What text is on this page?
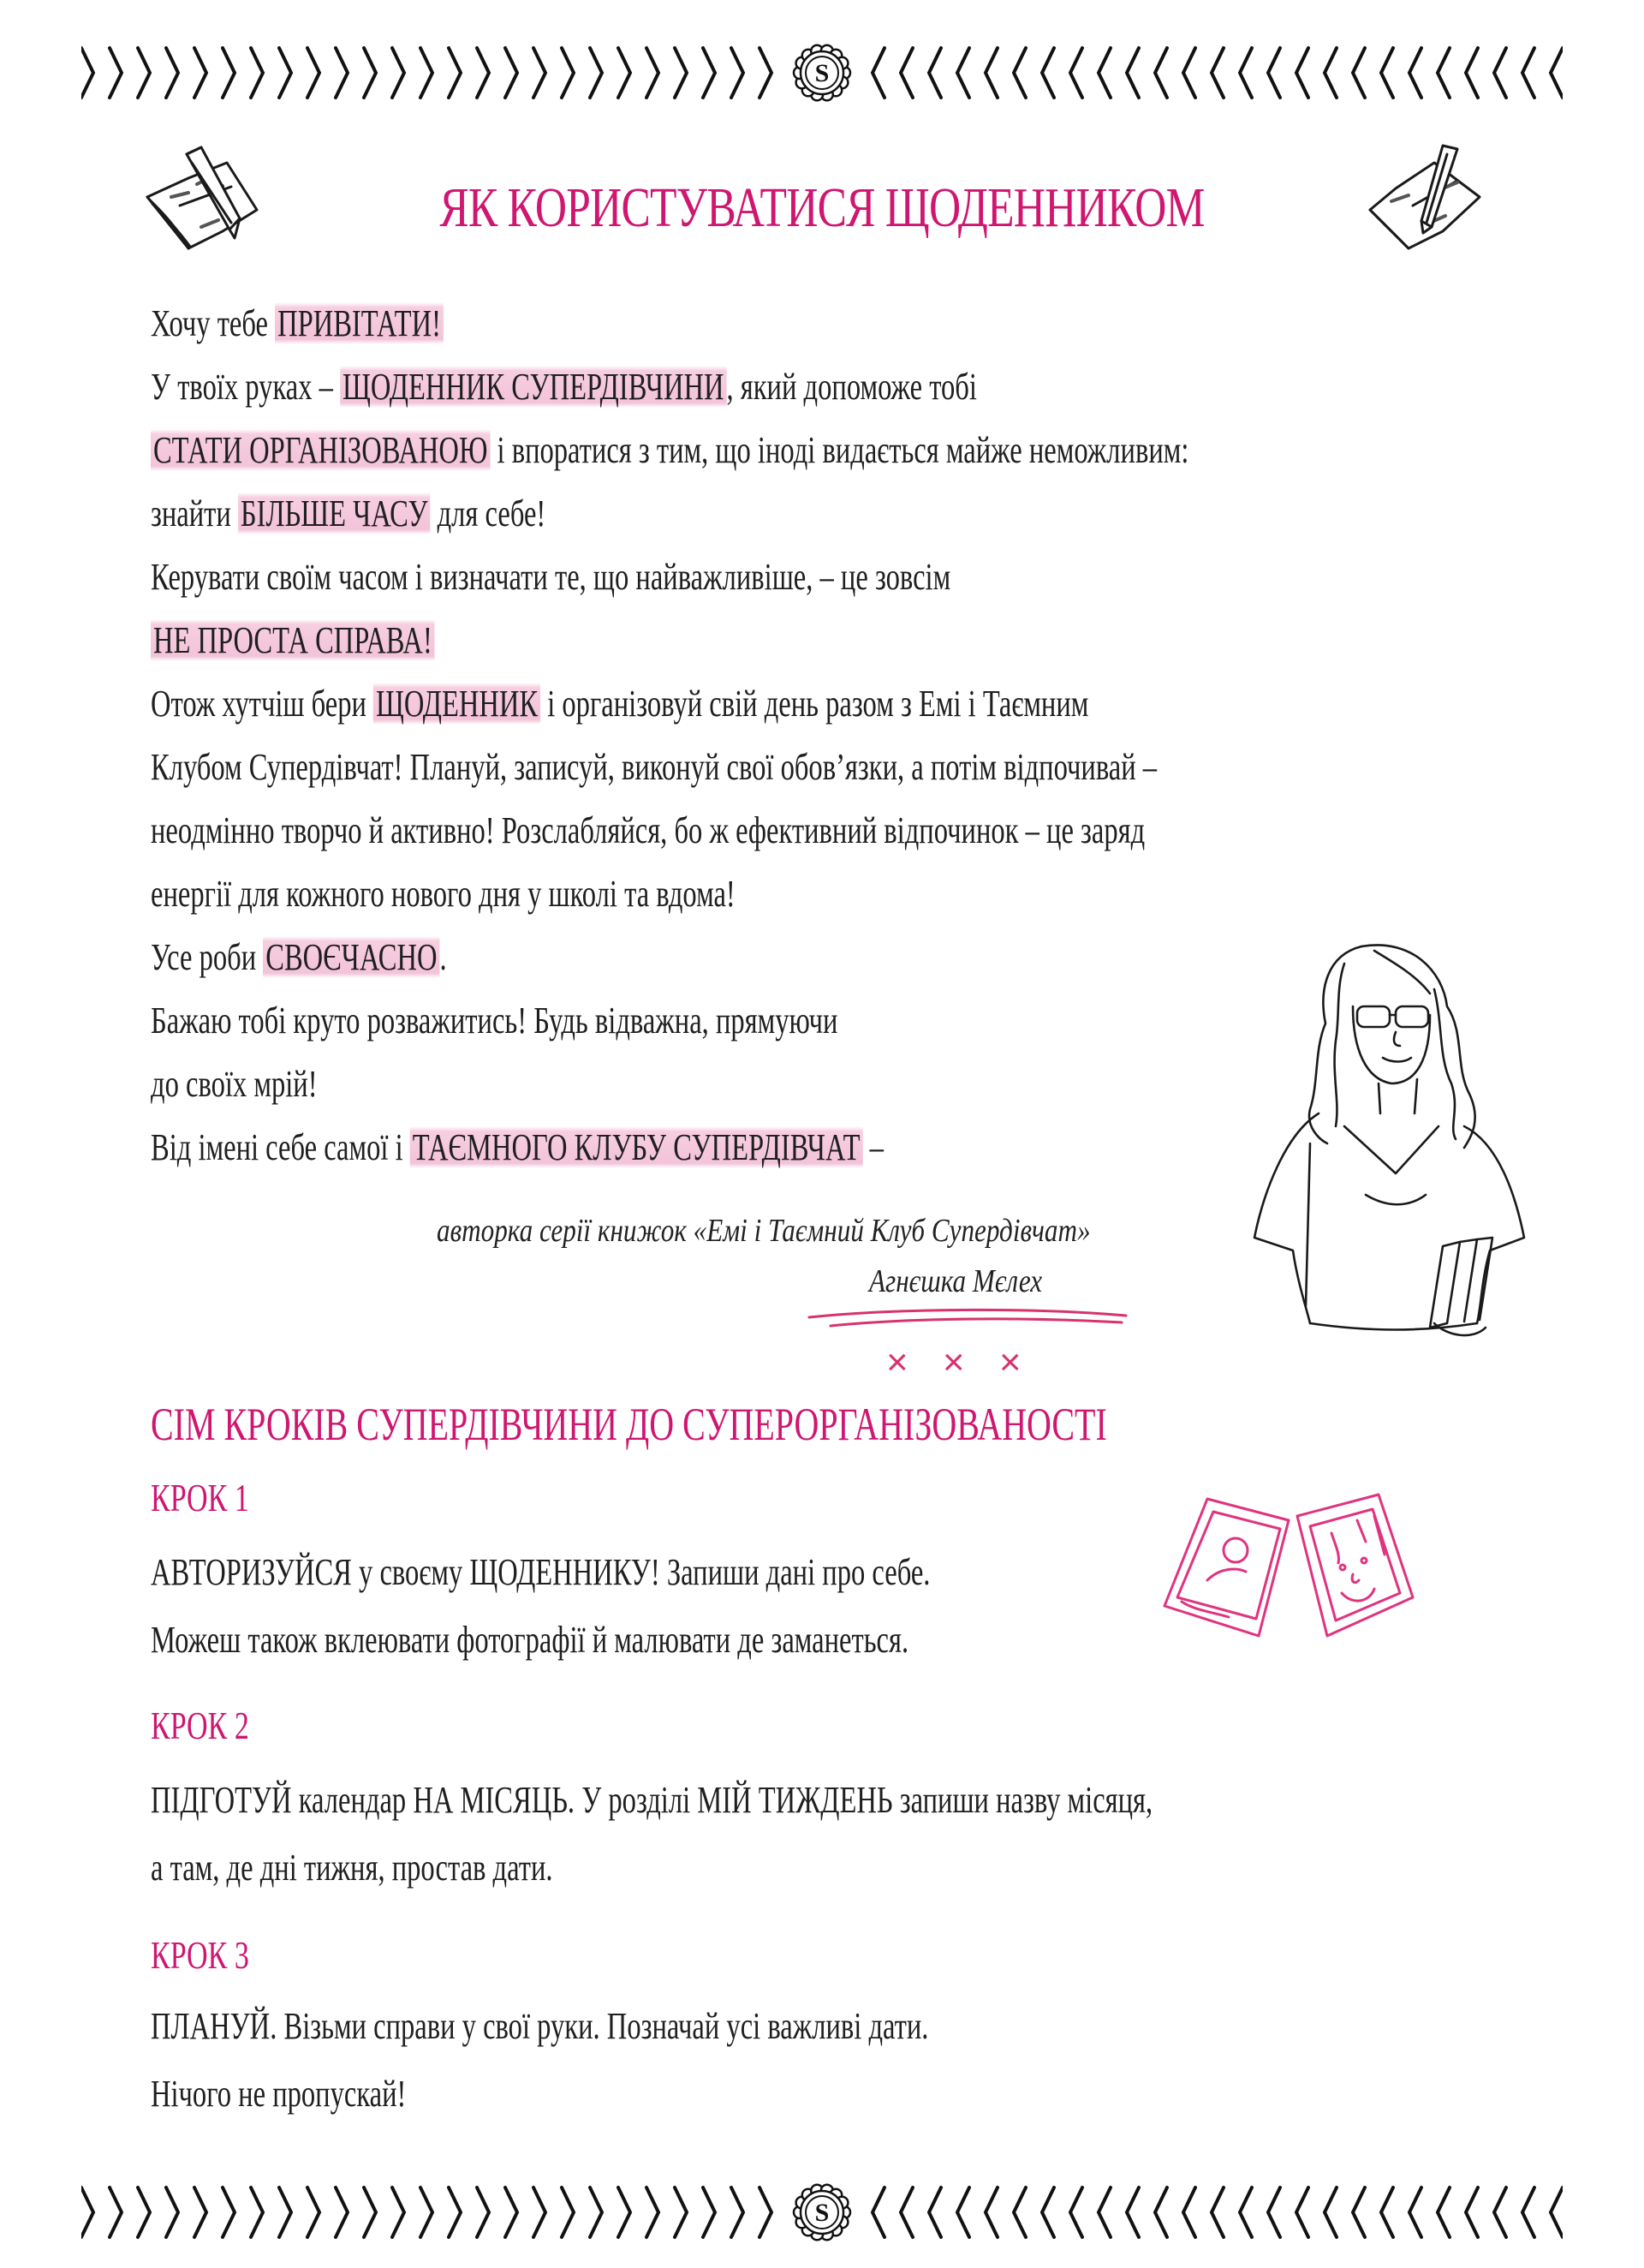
S
ЯК КОРИСТУВАТИСЯ ЩОДЕННИКОМ
Хочу тебе ПРИВІТАТИ!
У твоїх руках – ЩОДЕННИК СУПЕРДІВЧИНИ, який допоможе тобі
СТАТИ ОРГАНІЗОВАНОЮ і впоратися з тим, що іноді видається майже неможливим:
знайти БІЛЬШЕ ЧАСУ для себе!
Керувати своїм часом і визначати те, що найважливіше, – це зовсім
НЕ ПРОСТА СПРАВА!
Отож хутчіш бери ЩОДЕННИК і організовуй свій день разом з Емі і Таємним
Клубом Супердівчат! Плануй, записуй, виконуй свої обов’язки, а потім відпочивай –
неодмінно творчо й активно! Розслабляйся, бо ж ефективний відпочинок – це заряд
енергії для кожного нового дня у школі та вдома!
Усе роби СВОЄЧАСНО.
Бажаю тобі круто розважитись! Будь відважна, прямуючи
до своїх мрій!
Від імені себе самої і ТАЄМНОГО КЛУБУ СУПЕРДІВЧАТ –
авторка серії книжок «Емі і Таємний Клуб Супердівчат»
Агнєшка Мєлех
× × ×
СІМ КРОКІВ СУПЕРДІВЧИНИ ДО СУПЕРОРГАНІЗОВАНОСТІ
КРОК 1
АВТОРИЗУЙСЯ у своєму ЩОДЕННИКУ! Запиши дані про себе.
Можеш також вклеювати фотографії й малювати де заманеться.
КРОК 2
ПІДГОТУЙ календар НА МІСЯЦЬ. У розділі МІЙ ТИЖДЕНЬ запиши назву місяця,
а там, де дні тижня, простав дати.
КРОК 3
ПЛАНУЙ. Візьми справи у свої руки. Позначай усі важливі дати.
Нічого не пропускай!
S
